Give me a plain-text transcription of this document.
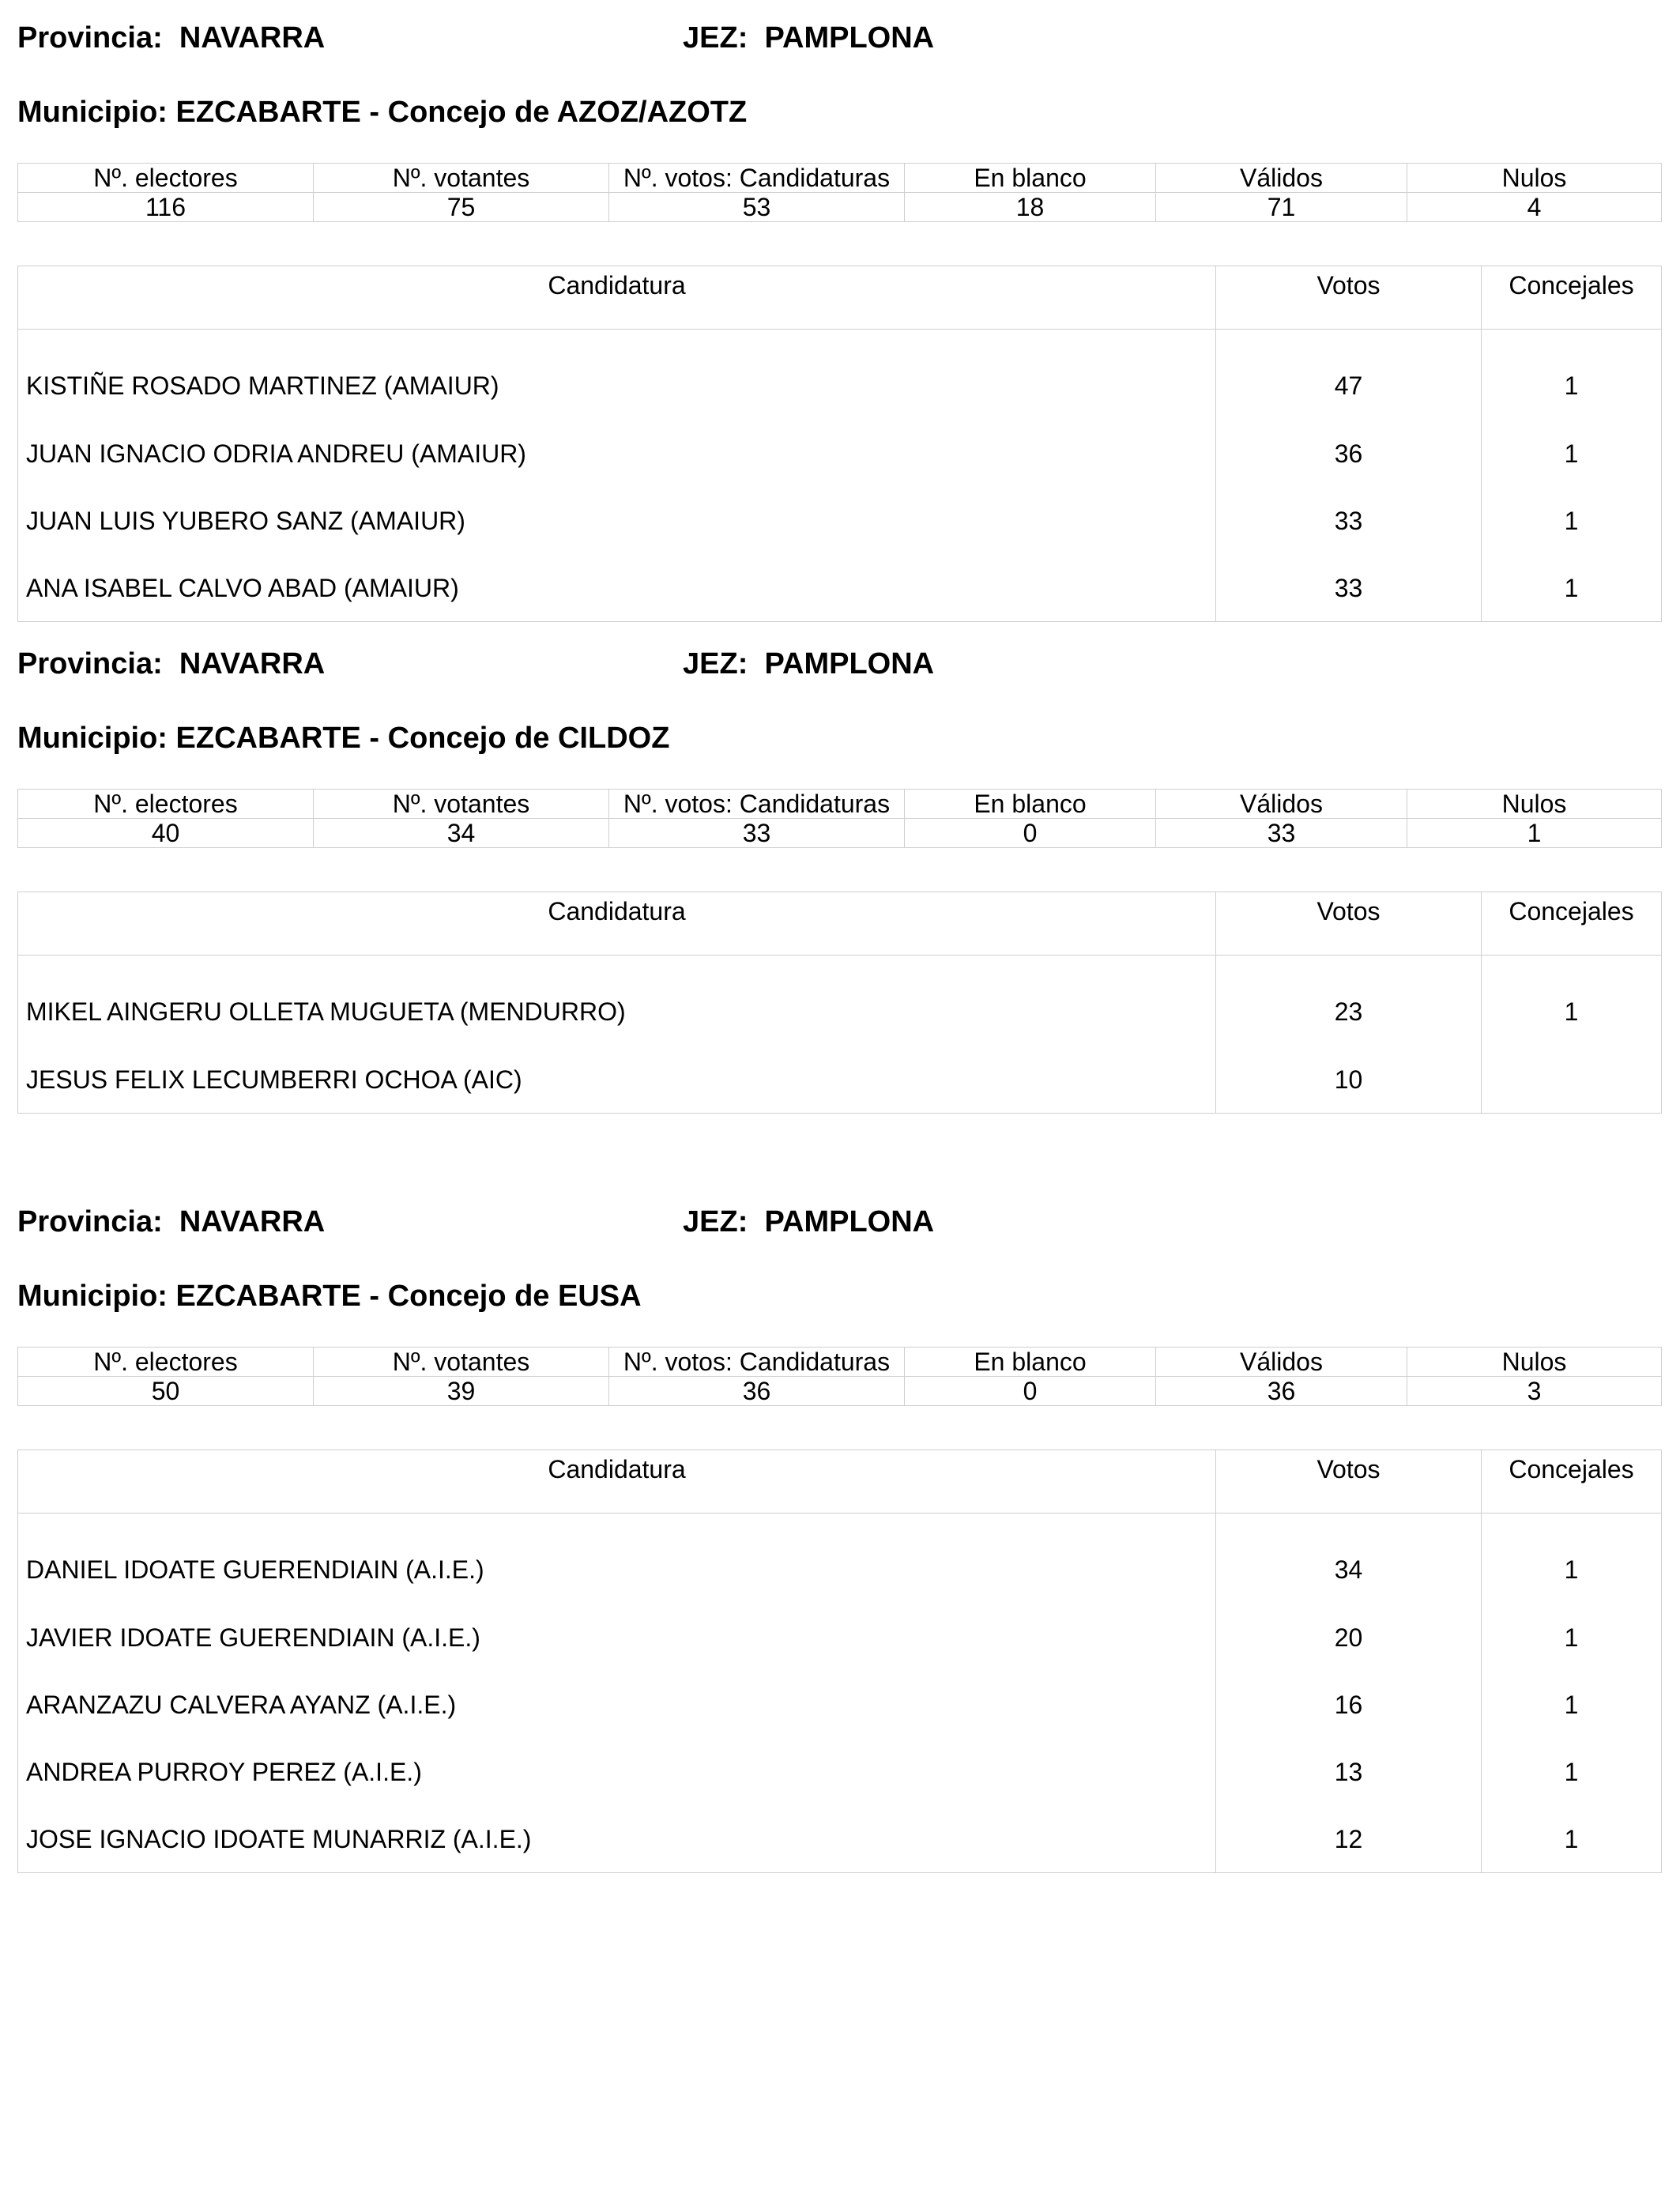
Provincia: NAVARRA	JEZ: PAMPLONA
Municipio: EZCABARTE - Concejo de AZOZ/AZOTZ
Nº. electores	Nº. votantes	Nº. votos: Candidaturas	En blanco	Válidos	Nulos
116	75	53	18	71	4
Candidatura	Votos	Concejales
KISTIÑE ROSADO MARTINEZ (AMAIUR)	47	1
JUAN IGNACIO ODRIA ANDREU (AMAIUR)	36	1
JUAN LUIS YUBERO SANZ (AMAIUR)	33	1
ANA ISABEL CALVO ABAD (AMAIUR)	33	1
Provincia: NAVARRA	JEZ: PAMPLONA
Municipio: EZCABARTE - Concejo de CILDOZ
Nº. electores	Nº. votantes	Nº. votos: Candidaturas	En blanco	Válidos	Nulos
40	34	33	0	33	1
Candidatura	Votos	Concejales
MIKEL AINGERU OLLETA MUGUETA (MENDURRO)	23	1
JESUS FELIX LECUMBERRI OCHOA (AIC)	10	
Provincia: NAVARRA	JEZ: PAMPLONA
Municipio: EZCABARTE - Concejo de EUSA
Nº. electores	Nº. votantes	Nº. votos: Candidaturas	En blanco	Válidos	Nulos
50	39	36	0	36	3
Candidatura	Votos	Concejales
DANIEL IDOATE GUERENDIAIN (A.I.E.)	34	1
JAVIER IDOATE GUERENDIAIN (A.I.E.)	20	1
ARANZAZU CALVERA AYANZ (A.I.E.)	16	1
ANDREA PURROY PEREZ (A.I.E.)	13	1
JOSE IGNACIO IDOATE MUNARRIZ (A.I.E.)	12	1
